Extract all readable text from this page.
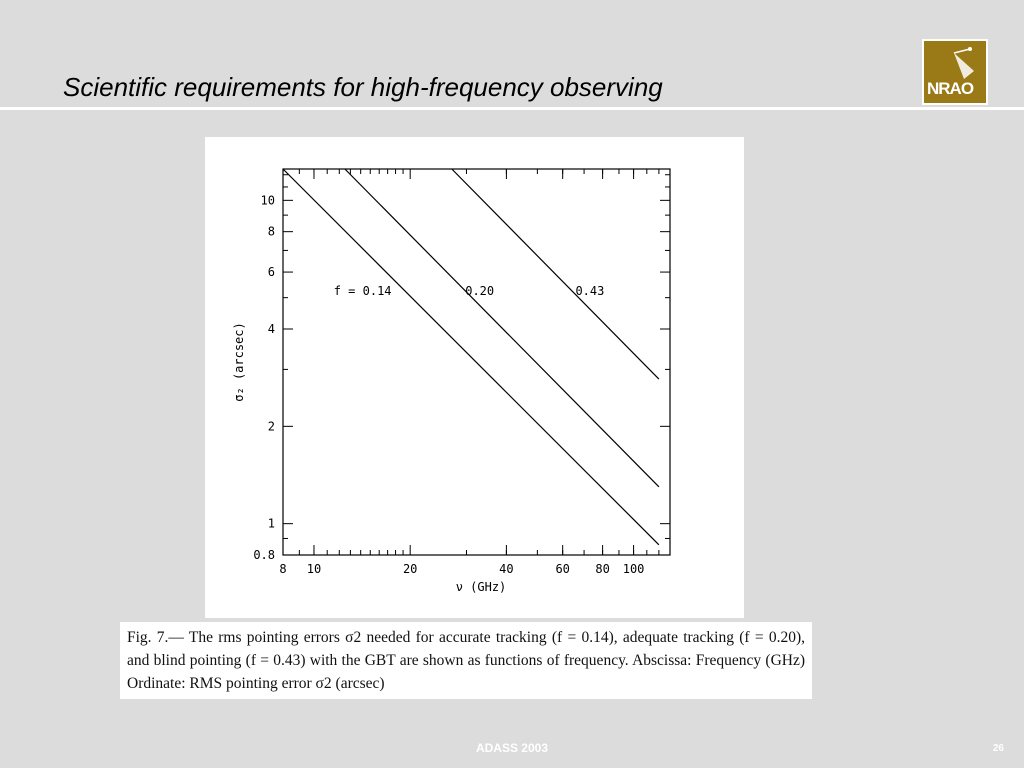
Scientific requirements for high-frequency observing	NRAO
8 10	20	40	60 80 100
0.8
1
2
4
6
8
10
f = 0.14	0.20	0.43
ν (GHz)
σ₂ (arcsec)
Fig. 7.— The rms pointing errors σ2 needed for accurate tracking (f = 0.14), adequate tracking (f = 0.20), and blind pointing (f = 0.43) with the GBT are shown as functions of frequency. Abscissa: Frequency (GHz) Ordinate: RMS pointing error σ2 (arcsec)
ADASS 2003	26
